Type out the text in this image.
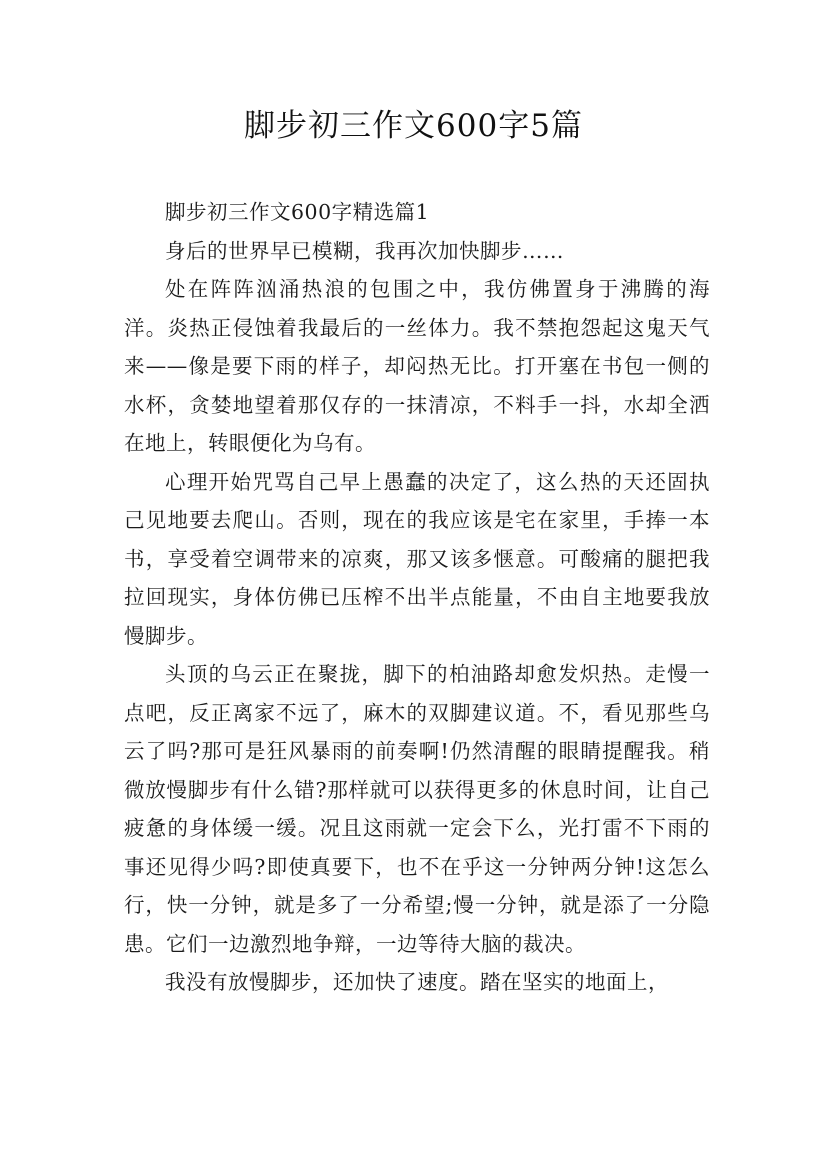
脚步初三作文600字5篇

脚步初三作文600字精选篇1

身后的世界早已模糊，我再次加快脚步……

处在阵阵汹涌热浪的包围之中，我仿佛置身于沸腾的海洋。炎热正侵蚀着我最后的一丝体力。我不禁抱怨起这鬼天气来——像是要下雨的样子，却闷热无比。打开塞在书包一侧的水杯，贪婪地望着那仅存的一抹清凉，不料手一抖，水却全洒在地上，转眼便化为乌有。

心理开始咒骂自己早上愚蠢的决定了，这么热的天还固执己见地要去爬山。否则，现在的我应该是宅在家里，手捧一本书，享受着空调带来的凉爽，那又该多惬意。可酸痛的腿把我拉回现实，身体仿佛已压榨不出半点能量，不由自主地要我放慢脚步。

头顶的乌云正在聚拢，脚下的柏油路却愈发炽热。走慢一点吧，反正离家不远了，麻木的双脚建议道。不，看见那些乌云了吗?那可是狂风暴雨的前奏啊!仍然清醒的眼睛提醒我。稍微放慢脚步有什么错?那样就可以获得更多的休息时间，让自己疲惫的身体缓一缓。况且这雨就一定会下么，光打雷不下雨的事还见得少吗?即使真要下，也不在乎这一分钟两分钟!这怎么行，快一分钟，就是多了一分希望;慢一分钟，就是添了一分隐患。它们一边激烈地争辩，一边等待大脑的裁决。

我没有放慢脚步，还加快了速度。踏在坚实的地面上，
